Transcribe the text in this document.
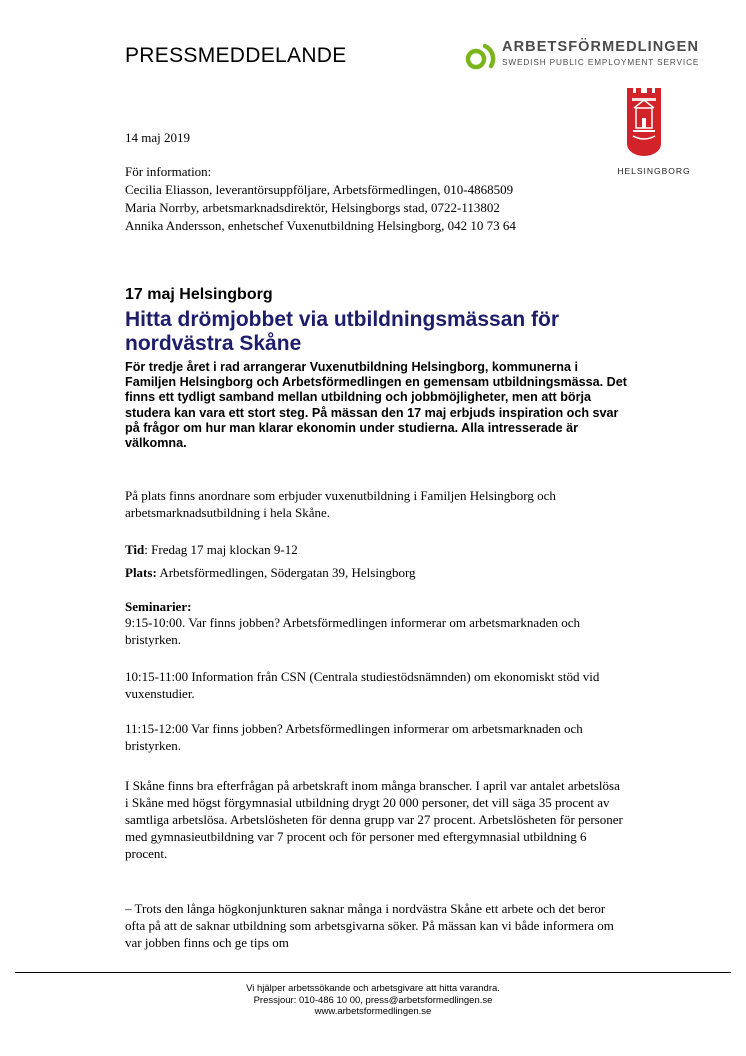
PRESSMEDDELANDE	ARBETSFÖRMEDLINGEN
SWEDISH PUBLIC EMPLOYMENT SERVICE
HELSINGBORG
14 maj 2019
För information:
Cecilia Eliasson, leverantörsuppföljare, Arbetsförmedlingen, 010-4868509
Maria Norrby, arbetsmarknadsdirektör, Helsingborgs stad, 0722-113802
Annika Andersson, enhetschef Vuxenutbildning Helsingborg, 042 10 73 64
17 maj Helsingborg
Hitta drömjobbet via utbildningsmässan för nordvästra Skåne
För tredje året i rad arrangerar Vuxenutbildning Helsingborg, kommunerna i Familjen Helsingborg och Arbetsförmedlingen en gemensam utbildningsmässa. Det finns ett tydligt samband mellan utbildning och jobbmöjligheter, men att börja studera kan vara ett stort steg. På mässan den 17 maj erbjuds inspiration och svar på frågor om hur man klarar ekonomin under studierna. Alla intresserade är välkomna.
På plats finns anordnare som erbjuder vuxenutbildning i Familjen Helsingborg och arbetsmarknadsutbildning i hela Skåne.
Tid: Fredag 17 maj klockan 9-12
Plats: Arbetsförmedlingen, Södergatan 39, Helsingborg
Seminarier:
9:15-10:00. Var finns jobben? Arbetsförmedlingen informerar om arbetsmarknaden och bristyrken.
10:15-11:00 Information från CSN (Centrala studiestödsnämnden) om ekonomiskt stöd vid vuxenstudier.
11:15-12:00 Var finns jobben? Arbetsförmedlingen informerar om arbetsmarknaden och bristyrken.
I Skåne finns bra efterfrågan på arbetskraft inom många branscher. I april var antalet arbetslösa i Skåne med högst förgymnasial utbildning drygt 20 000 personer, det vill säga 35 procent av samtliga arbetslösa. Arbetslösheten för denna grupp var 27 procent. Arbetslösheten för personer med gymnasieutbildning var 7 procent och för personer med eftergymnasial utbildning 6 procent.
– Trots den långa högkonjunkturen saknar många i nordvästra Skåne ett arbete och det beror ofta på att de saknar utbildning som arbetsgivarna söker. På mässan kan vi både informera om var jobben finns och ge tips om
Vi hjälper arbetssökande och arbetsgivare att hitta varandra.
Pressjour: 010-486 10 00, press@arbetsformedlingen.se
www.arbetsformedlingen.se
